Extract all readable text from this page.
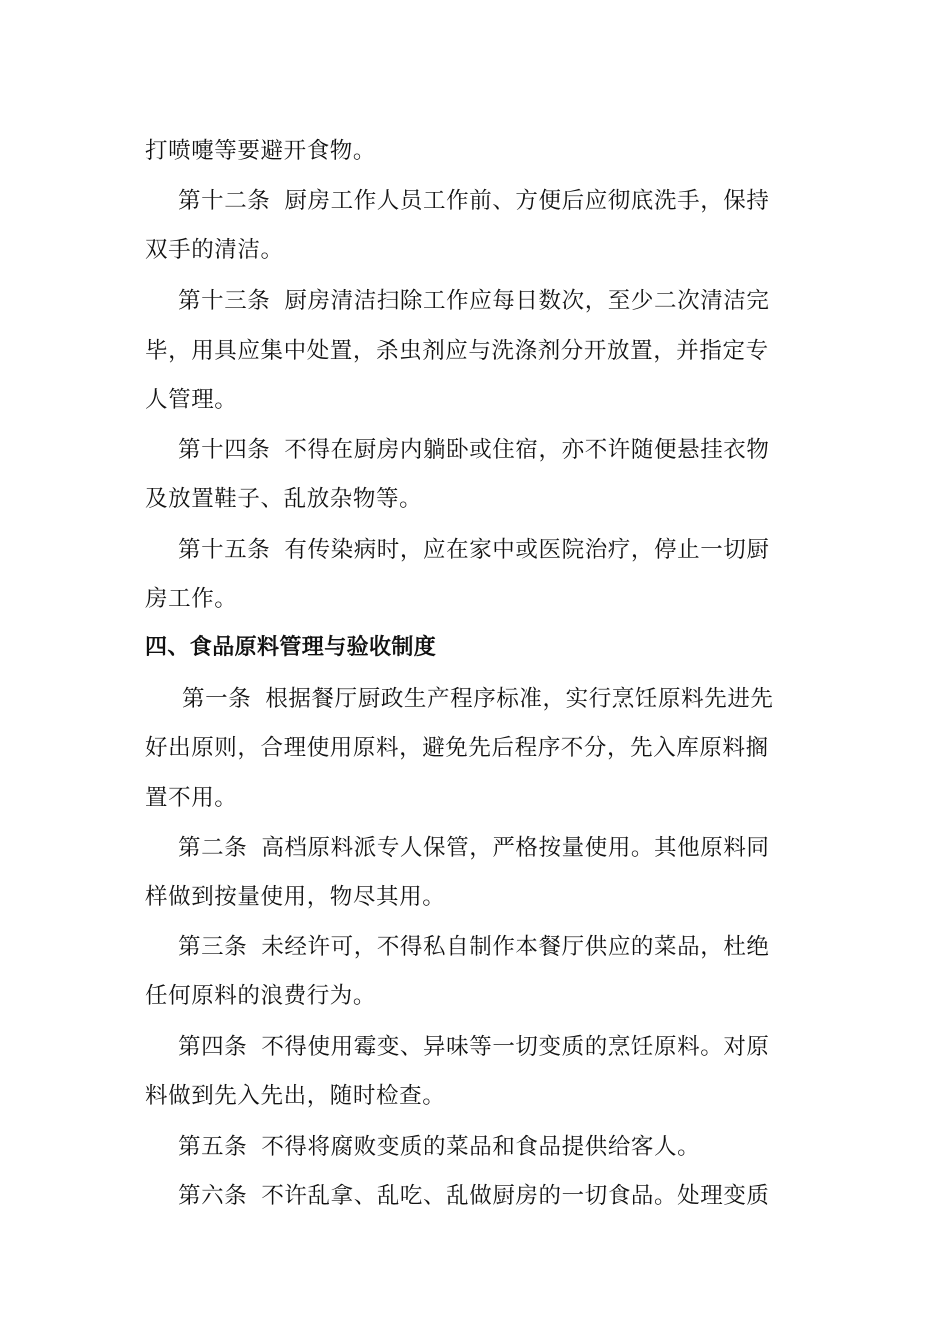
打喷嚏等要避开食物。
第十二条 厨房工作人员工作前、方便后应彻底洗手，保持
双手的清洁。
第十三条 厨房清洁扫除工作应每日数次，至少二次清洁完
毕，用具应集中处置，杀虫剂应与洗涤剂分开放置，并指定专
人管理。
第十四条 不得在厨房内躺卧或住宿，亦不许随便悬挂衣物
及放置鞋子、乱放杂物等。
第十五条 有传染病时，应在家中或医院治疗，停止一切厨
房工作。
四、食品原料管理与验收制度
第一条 根据餐厅厨政生产程序标准，实行烹饪原料先进先
好出原则，合理使用原料，避免先后程序不分，先入库原料搁
置不用。
第二条 高档原料派专人保管，严格按量使用。其他原料同
样做到按量使用，物尽其用。
第三条 未经许可，不得私自制作本餐厅供应的菜品，杜绝
任何原料的浪费行为。
第四条 不得使用霉变、异味等一切变质的烹饪原料。对原
料做到先入先出，随时检查。
第五条 不得将腐败变质的菜品和食品提供给客人。
第六条 不许乱拿、乱吃、乱做厨房的一切食品。处理变质
